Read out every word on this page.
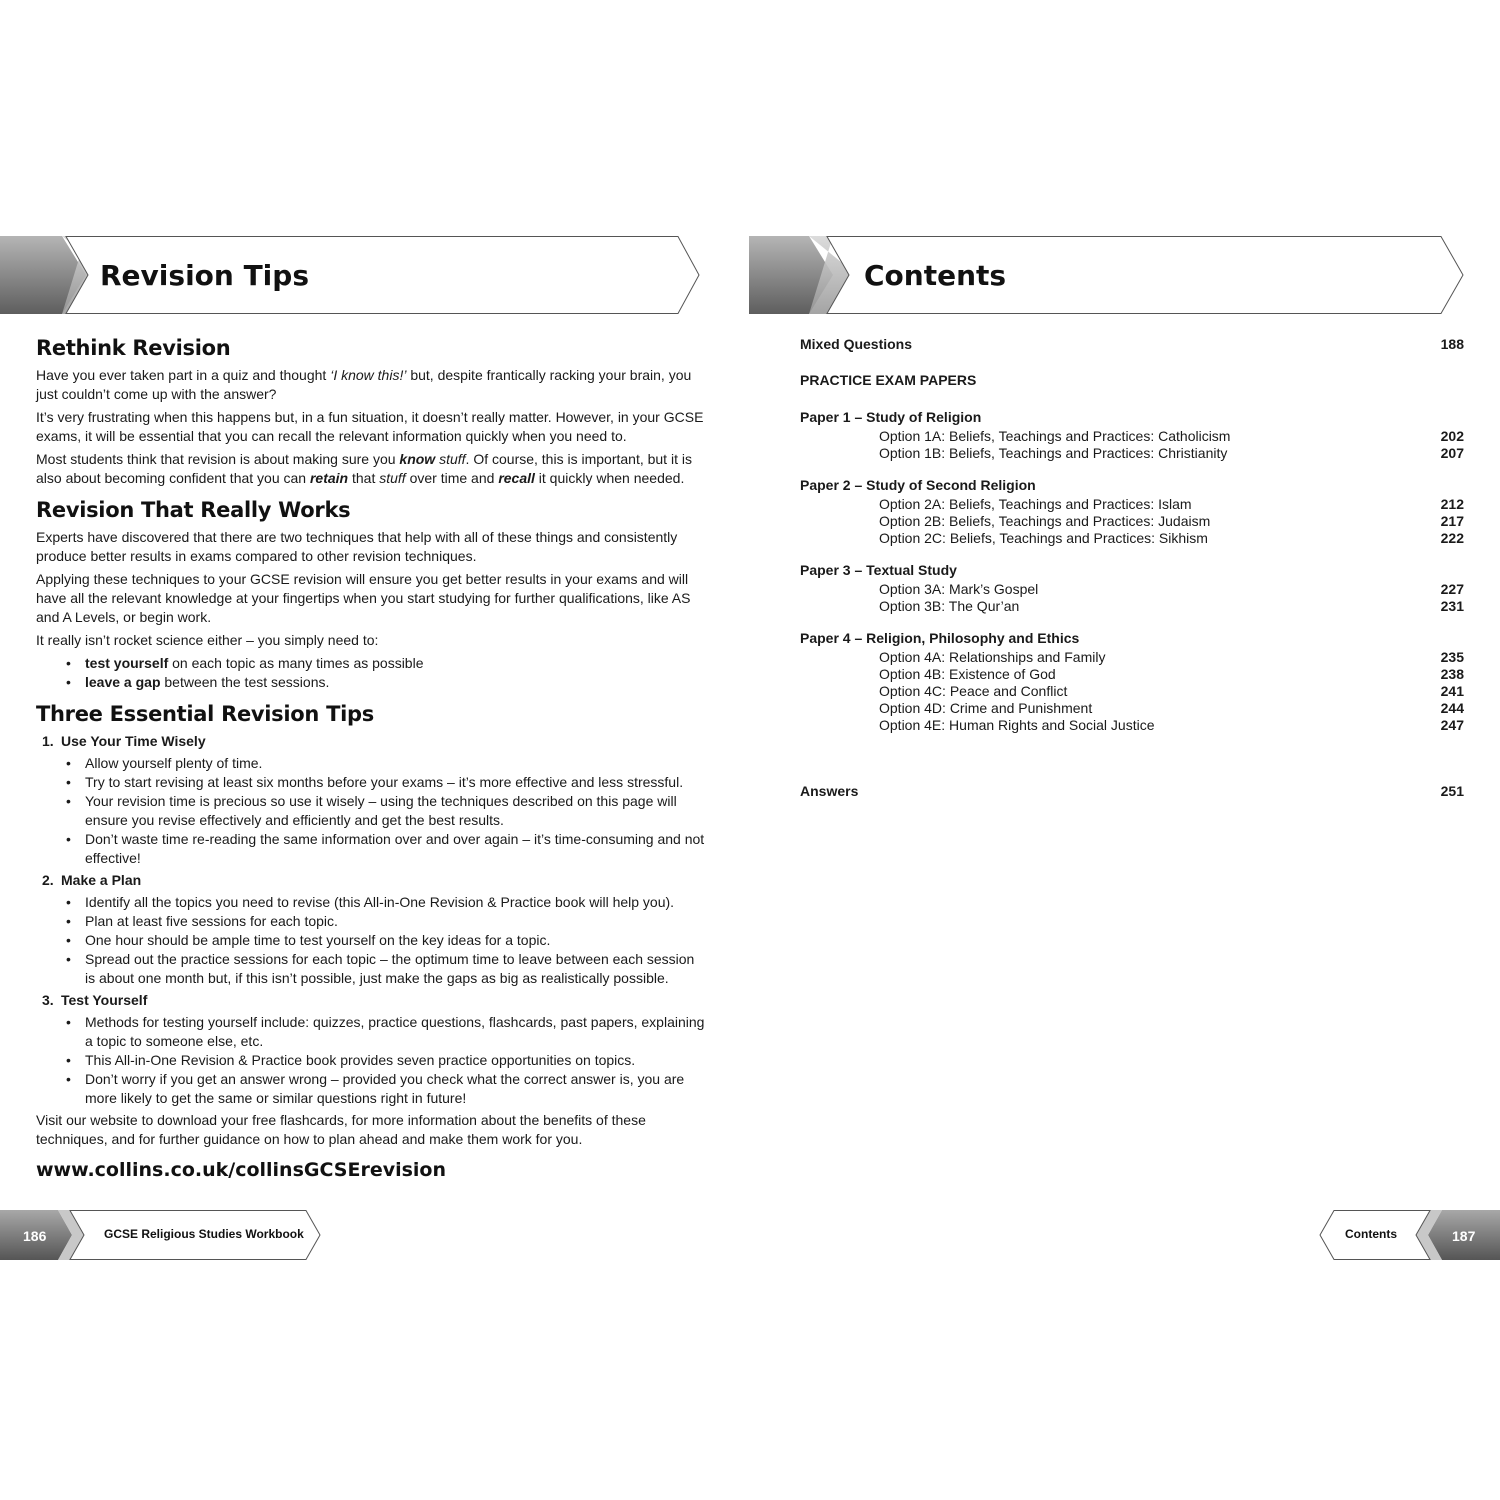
Revision Tips	Contents
Rethink Revision

Have you ever taken part in a quiz and thought ‘I know this!’ but, despite frantically racking your brain, you just couldn’t come up with the answer?

It’s very frustrating when this happens but, in a fun situation, it doesn’t really matter. However, in your GCSE exams, it will be essential that you can recall the relevant information quickly when you need to.

Most students think that revision is about making sure you know stuff. Of course, this is important, but it is also about becoming confident that you can retain that stuff over time and recall it quickly when needed.

Revision That Really Works

Experts have discovered that there are two techniques that help with all of these things and consistently produce better results in exams compared to other revision techniques.

Applying these techniques to your GCSE revision will ensure you get better results in your exams and will have all the relevant knowledge at your fingertips when you start studying for further qualifications, like AS and A Levels, or begin work.

It really isn’t rocket science either – you simply need to:

• test yourself on each topic as many times as possible
• leave a gap between the test sessions.
Three Essential Revision Tips
1. Use Your Time Wisely
• Allow yourself plenty of time.
• Try to start revising at least six months before your exams – it’s more effective and less stressful.
• Your revision time is precious so use it wisely – using the techniques described on this page will ensure you revise effectively and efficiently and get the best results.
• Don’t waste time re-reading the same information over and over again – it’s time-consuming and not effective!
2. Make a Plan
• Identify all the topics you need to revise (this All-in-One Revision & Practice book will help you).
• Plan at least five sessions for each topic.
• One hour should be ample time to test yourself on the key ideas for a topic.
• Spread out the practice sessions for each topic – the optimum time to leave between each session is about one month but, if this isn’t possible, just make the gaps as big as realistically possible.
3. Test Yourself
• Methods for testing yourself include: quizzes, practice questions, flashcards, past papers, explaining a topic to someone else, etc.
• This All-in-One Revision & Practice book provides seven practice opportunities on topics.
• Don’t worry if you get an answer wrong – provided you check what the correct answer is, you are more likely to get the same or similar questions right in future!

Visit our website to download your free flashcards, for more information about the benefits of these techniques, and for further guidance on how to plan ahead and make them work for you.

www.collins.co.uk/collinsGCSErevision
Mixed Questions	188
PRACTICE EXAM PAPERS
Paper 1 – Study of Religion
Option 1A: Beliefs, Teachings and Practices: Catholicism	202
Option 1B: Beliefs, Teachings and Practices: Christianity	207
Paper 2 – Study of Second Religion
Option 2A: Beliefs, Teachings and Practices: Islam	212
Option 2B: Beliefs, Teachings and Practices: Judaism	217
Option 2C: Beliefs, Teachings and Practices: Sikhism	222
Paper 3 – Textual Study
Option 3A: Mark’s Gospel	227
Option 3B: The Qur’an	231
Paper 4 – Religion, Philosophy and Ethics
Option 4A: Relationships and Family	235
Option 4B: Existence of God	238
Option 4C: Peace and Conflict	241
Option 4D: Crime and Punishment	244
Option 4E: Human Rights and Social Justice	247
Answers	251
186	GCSE Religious Studies Workbook	Contents	187
